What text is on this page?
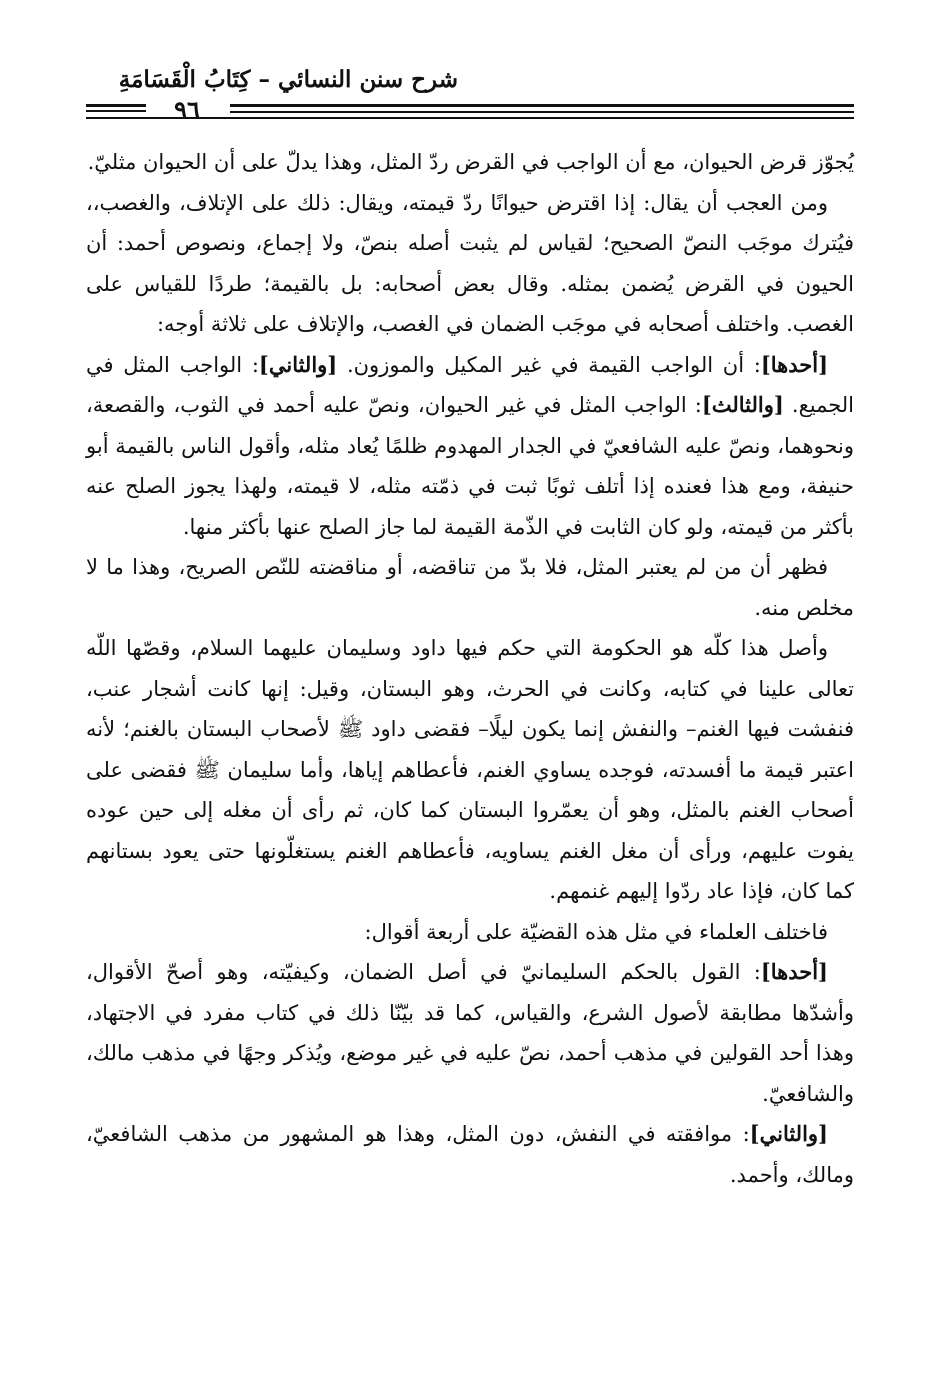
شرح سنن النسائي – كِتَابُ الْقَسَامَةِ
٩٦

يُجوّز قرض الحيوان، مع أن الواجب في القرض ردّ المثل، وهذا يدلّ على أن الحيوان مثليّ.

ومن العجب أن يقال: إذا اقترض حيوانًا ردّ قيمته، ويقال: ذلك على الإتلاف، والغصب،، فيُترك موجَب النصّ الصحيح؛ لقياس لم يثبت أصله بنصّ، ولا إجماع، ونصوص أحمد: أن الحيون في القرض يُضمن بمثله. وقال بعض أصحابه: بل بالقيمة؛ طردًا للقياس على الغصب. واختلف أصحابه في موجَب الضمان في الغصب، والإتلاف على ثلاثة أوجه:

[أحدها]: أن الواجب القيمة في غير المكيل والموزون. [والثاني]: الواجب المثل في الجميع. [والثالث]: الواجب المثل في غير الحيوان، ونصّ عليه أحمد في الثوب، والقصعة، ونحوهما، ونصّ عليه الشافعيّ في الجدار المهدوم ظلمًا يُعاد مثله، وأقول الناس بالقيمة أبو حنيفة، ومع هذا فعنده إذا أتلف ثوبًا ثبت في ذمّته مثله، لا قيمته، ولهذا يجوز الصلح عنه بأكثر من قيمته، ولو كان الثابت في الذّمة القيمة لما جاز الصلح عنها بأكثر منها.

فظهر أن من لم يعتبر المثل، فلا بدّ من تناقضه، أو مناقضته للنّص الصريح، وهذا ما لا مخلص منه.

وأصل هذا كلّه هو الحكومة التي حكم فيها داود وسليمان عليهما السلام، وقصّها اللّه تعالى علينا في كتابه، وكانت في الحرث، وهو البستان، وقيل: إنها كانت أشجار عنب، فنفشت فيها الغنم– والنفش إنما يكون ليلًا– فقضى داود ﷺ لأصحاب البستان بالغنم؛ لأنه اعتبر قيمة ما أفسدته، فوجده يساوي الغنم، فأعطاهم إياها، وأما سليمان ﷺ فقضى على أصحاب الغنم بالمثل، وهو أن يعمّروا البستان كما كان، ثم رأى أن مغله إلى حين عوده يفوت عليهم، ورأى أن مغل الغنم يساويه، فأعطاهم الغنم يستغلّونها حتى يعود بستانهم كما كان، فإذا عاد ردّوا إليهم غنمهم.

فاختلف العلماء في مثل هذه القضيّة على أربعة أقوال:

[أحدها]: القول بالحكم السليمانيّ في أصل الضمان، وكيفيّته، وهو أصحّ الأقوال، وأشدّها مطابقة لأصول الشرع، والقياس، كما قد بيّنّا ذلك في كتاب مفرد في الاجتهاد، وهذا أحد القولين في مذهب أحمد، نصّ عليه في غير موضع، ويُذكر وجهًا في مذهب مالك، والشافعيّ.

[والثاني]: موافقته في النفش، دون المثل، وهذا هو المشهور من مذهب الشافعيّ، ومالك، وأحمد.
